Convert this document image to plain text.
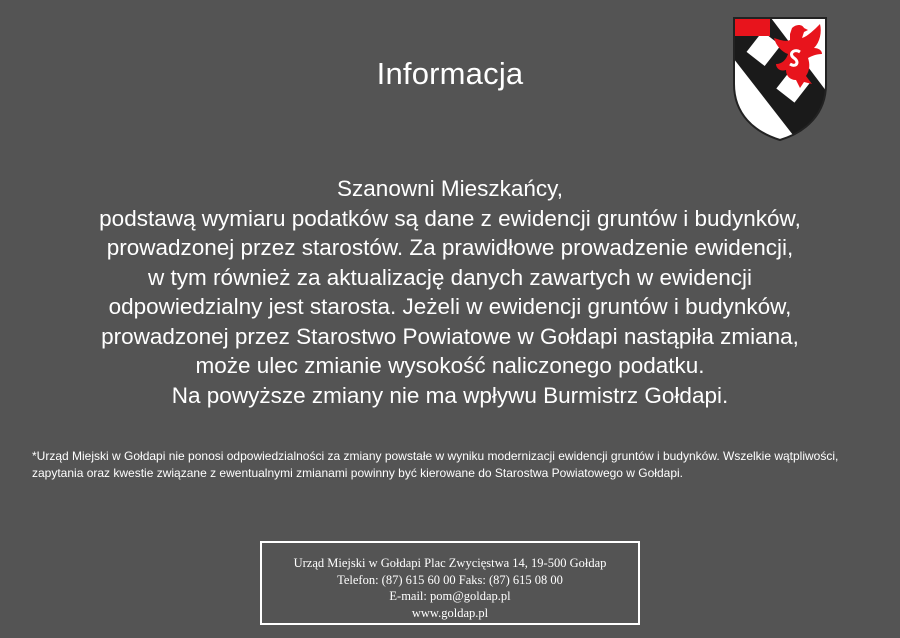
Informacja
Szanowni Mieszkańcy,
podstawą wymiaru podatków są dane z ewidencji gruntów i budynków,
prowadzonej przez starostów. Za prawidłowe prowadzenie ewidencji,
w tym również za aktualizację danych zawartych w ewidencji
odpowiedzialny jest starosta. Jeżeli w ewidencji gruntów i budynków,
prowadzonej przez Starostwo Powiatowe w Gołdapi nastąpiła zmiana,
może ulec zmianie wysokość naliczonego podatku.
Na powyższe zmiany nie ma wpływu Burmistrz Gołdapi.
*Urząd Miejski w Gołdapi nie ponosi odpowiedzialności za zmiany powstałe w wyniku modernizacji ewidencji gruntów i budynków. Wszelkie wątpliwości, zapytania oraz kwestie związane z ewentualnymi zmianami powinny być kierowane do Starostwa Powiatowego w Gołdapi.
Urząd Miejski w Gołdapi Plac Zwycięstwa 14, 19-500 Gołdap
Telefon: (87) 615 60 00 Faks: (87) 615 08 00
E-mail: pom@goldap.pl
www.goldap.pl
